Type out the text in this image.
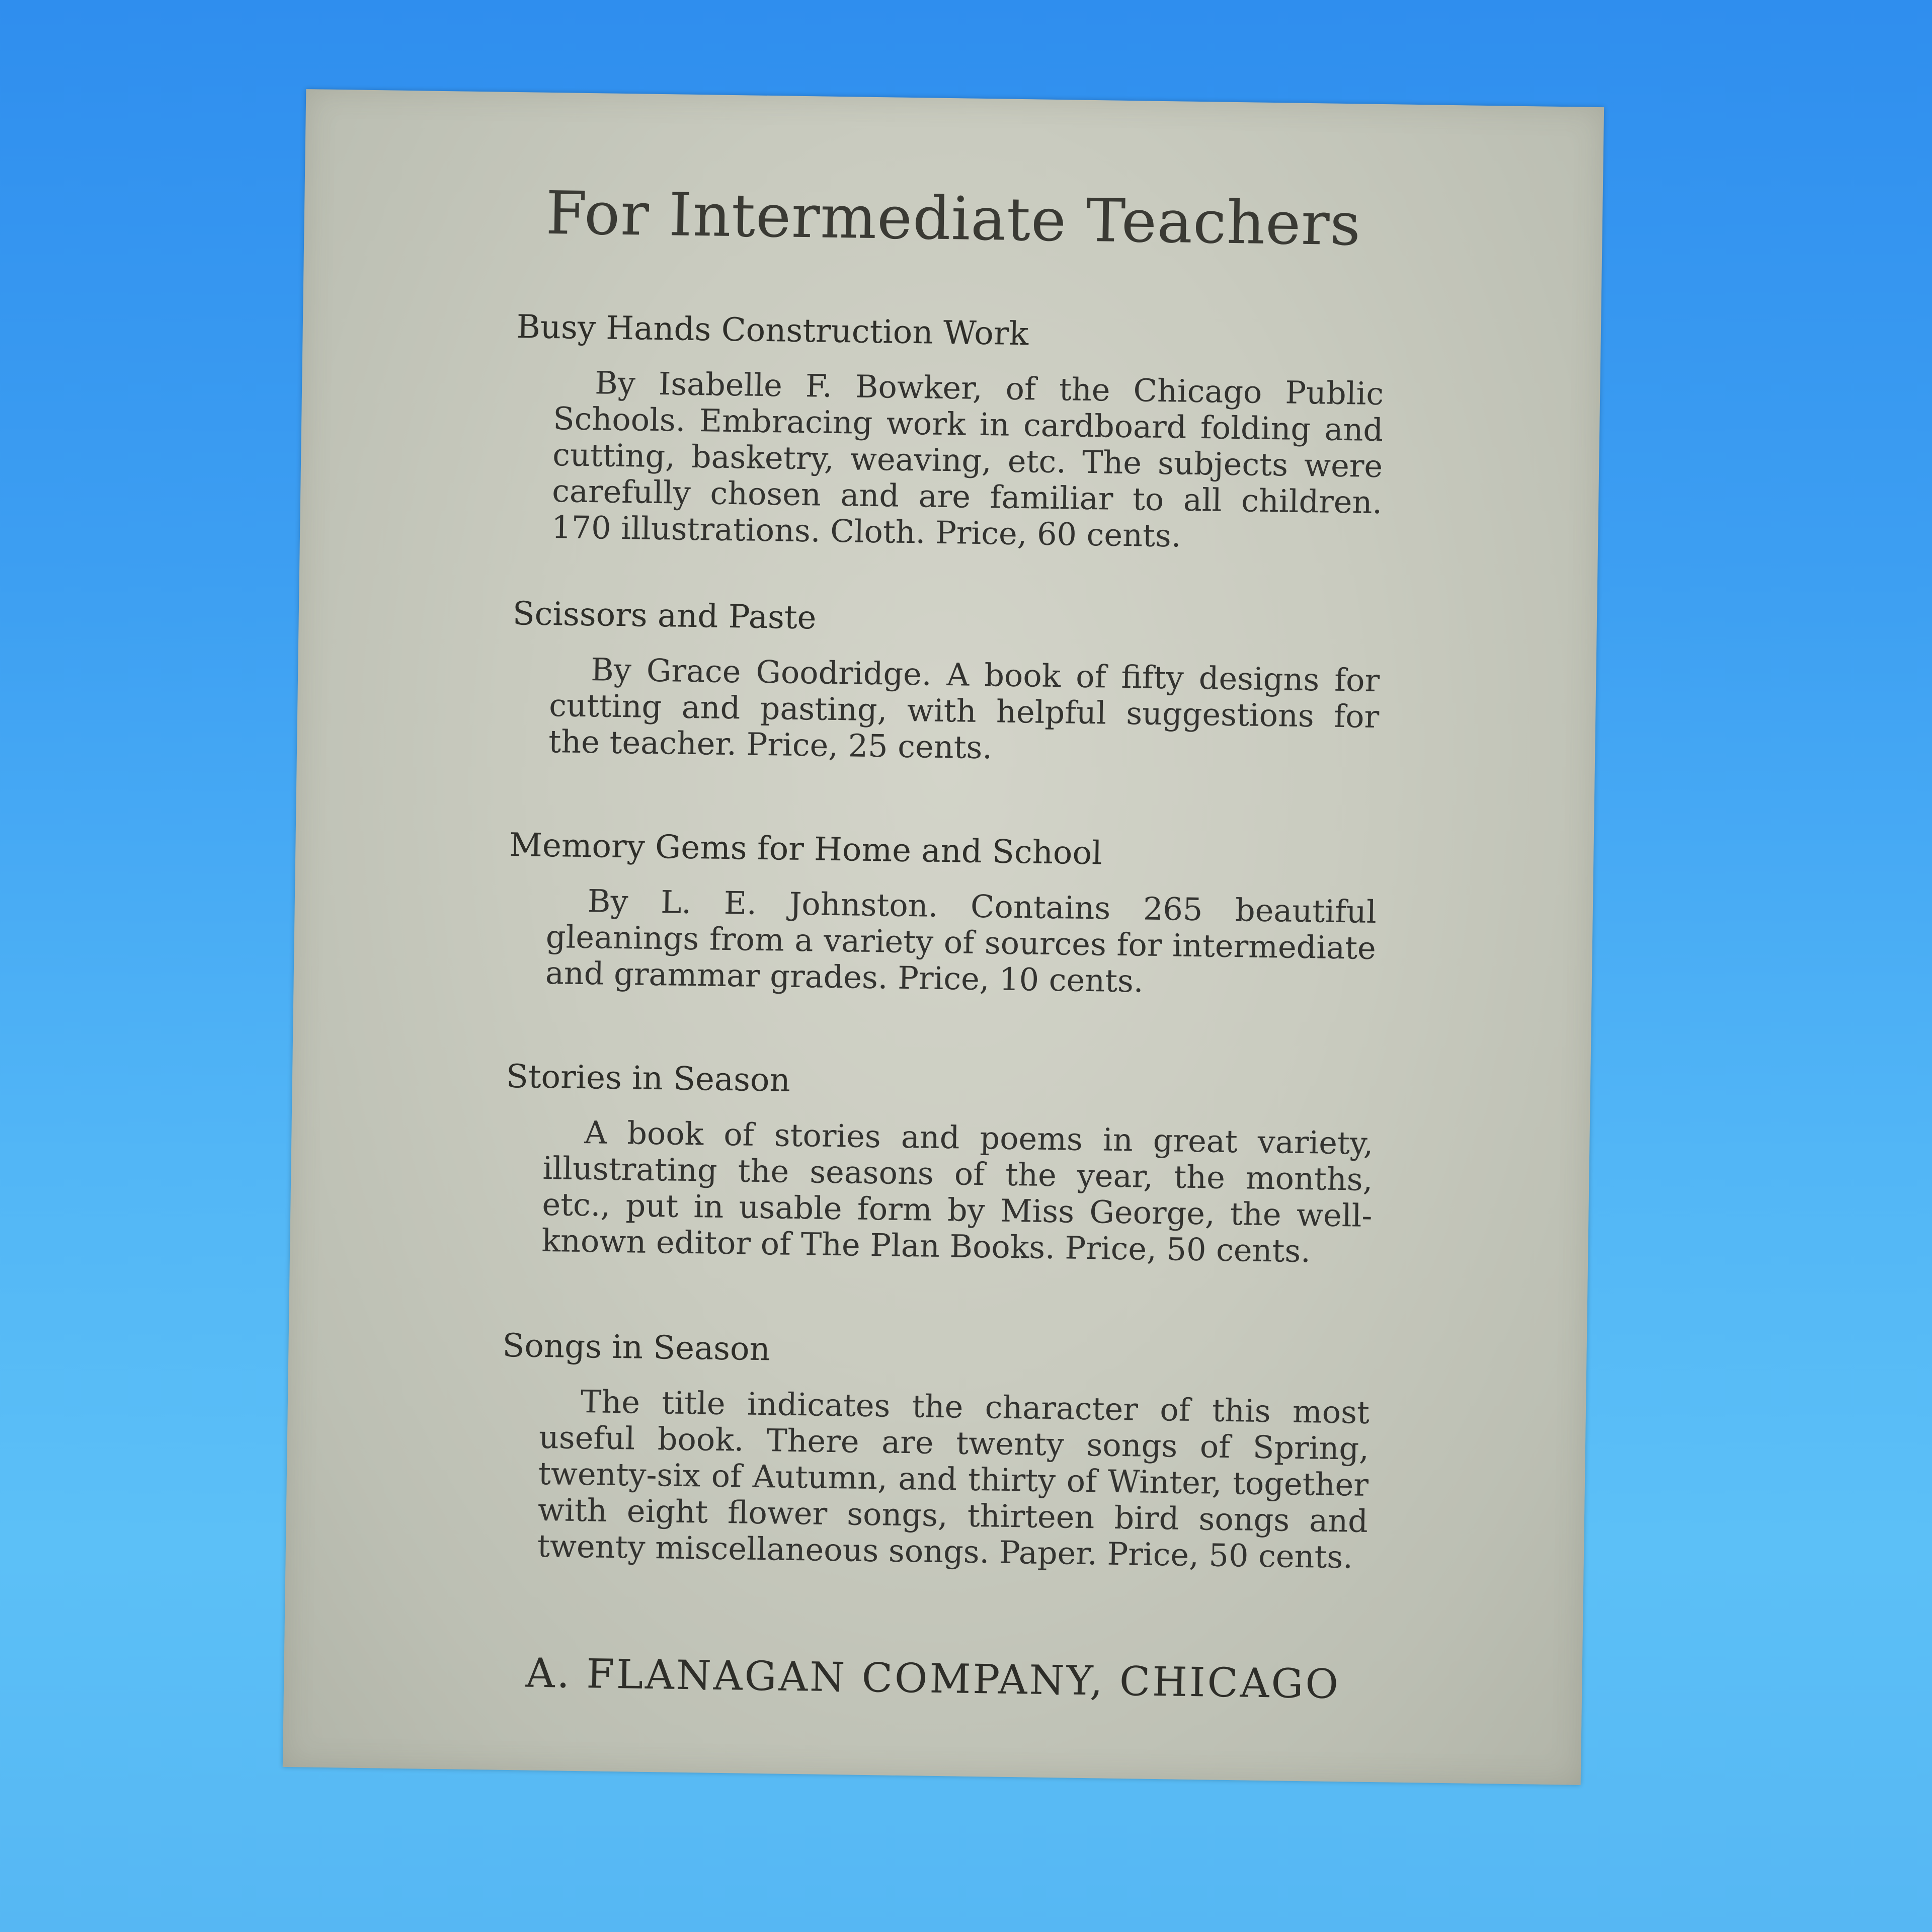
For Intermediate Teachers
Busy Hands Construction Work

By Isabelle F. Bowker, of the Chicago Public Schools. Embracing work in cardboard folding and cutting, basketry, weaving, etc. The subjects were carefully chosen and are familiar to all children. 170 illustrations. Cloth. Price, 60 cents.

Scissors and Paste

By Grace Goodridge. A book of fifty designs for cutting and pasting, with helpful suggestions for the teacher. Price, 25 cents.

Memory Gems for Home and School

By L. E. Johnston. Contains 265 beautiful gleanings from a variety of sources for intermediate and grammar grades. Price, 10 cents.

Stories in Season

A book of stories and poems in great variety, illustrating the seasons of the year, the months, etc., put in usable form by Miss George, the well-known editor of The Plan Books. Price, 50 cents.

Songs in Season

The title indicates the character of this most useful book. There are twenty songs of Spring, twenty-six of Autumn, and thirty of Winter, together with eight flower songs, thirteen bird songs and twenty miscellaneous songs. Paper. Price, 50 cents.

A. FLANAGAN COMPANY, CHICAGO
